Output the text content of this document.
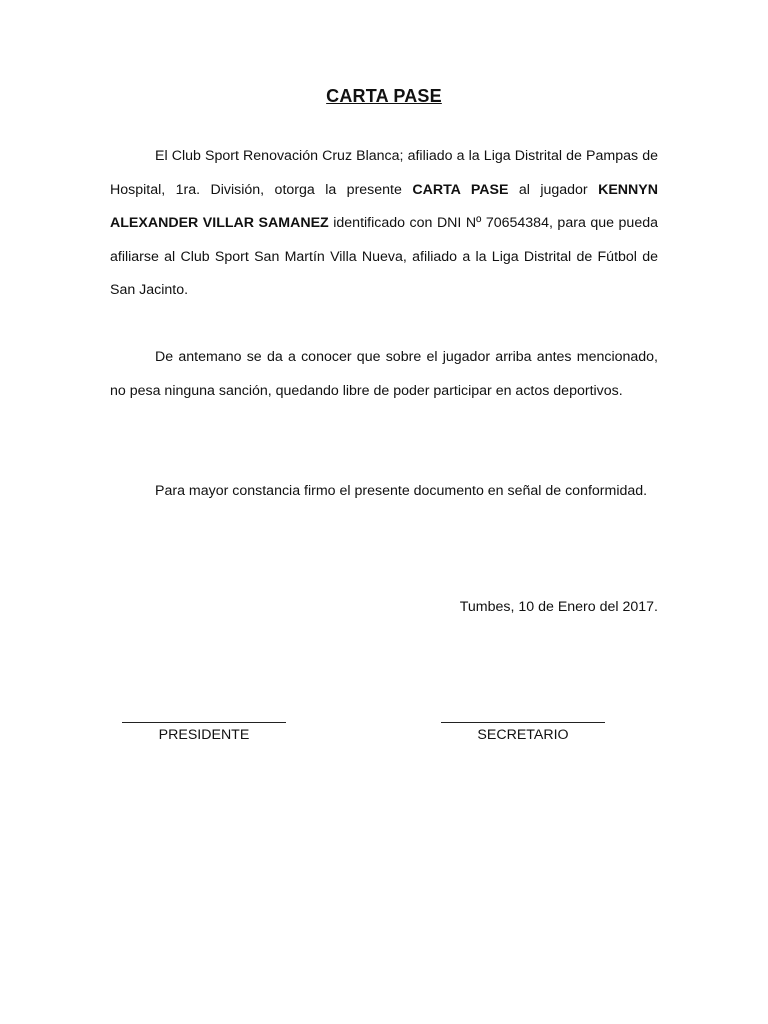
CARTA PASE

El Club Sport Renovación Cruz Blanca; afiliado a la Liga Distrital de Pampas de Hospital, 1ra. División, otorga la presente CARTA PASE al jugador KENNYN ALEXANDER VILLAR SAMANEZ identificado con DNI Nº 70654384, para que pueda afiliarse al Club Sport San Martín Villa Nueva, afiliado a la Liga Distrital de Fútbol de San Jacinto.

De antemano se da a conocer que sobre el jugador arriba antes mencionado, no pesa ninguna sanción, quedando libre de poder participar en actos deportivos.

Para mayor constancia firmo el presente documento en señal de conformidad.

Tumbes, 10 de Enero del 2017.
PRESIDENTE	SECRETARIO
